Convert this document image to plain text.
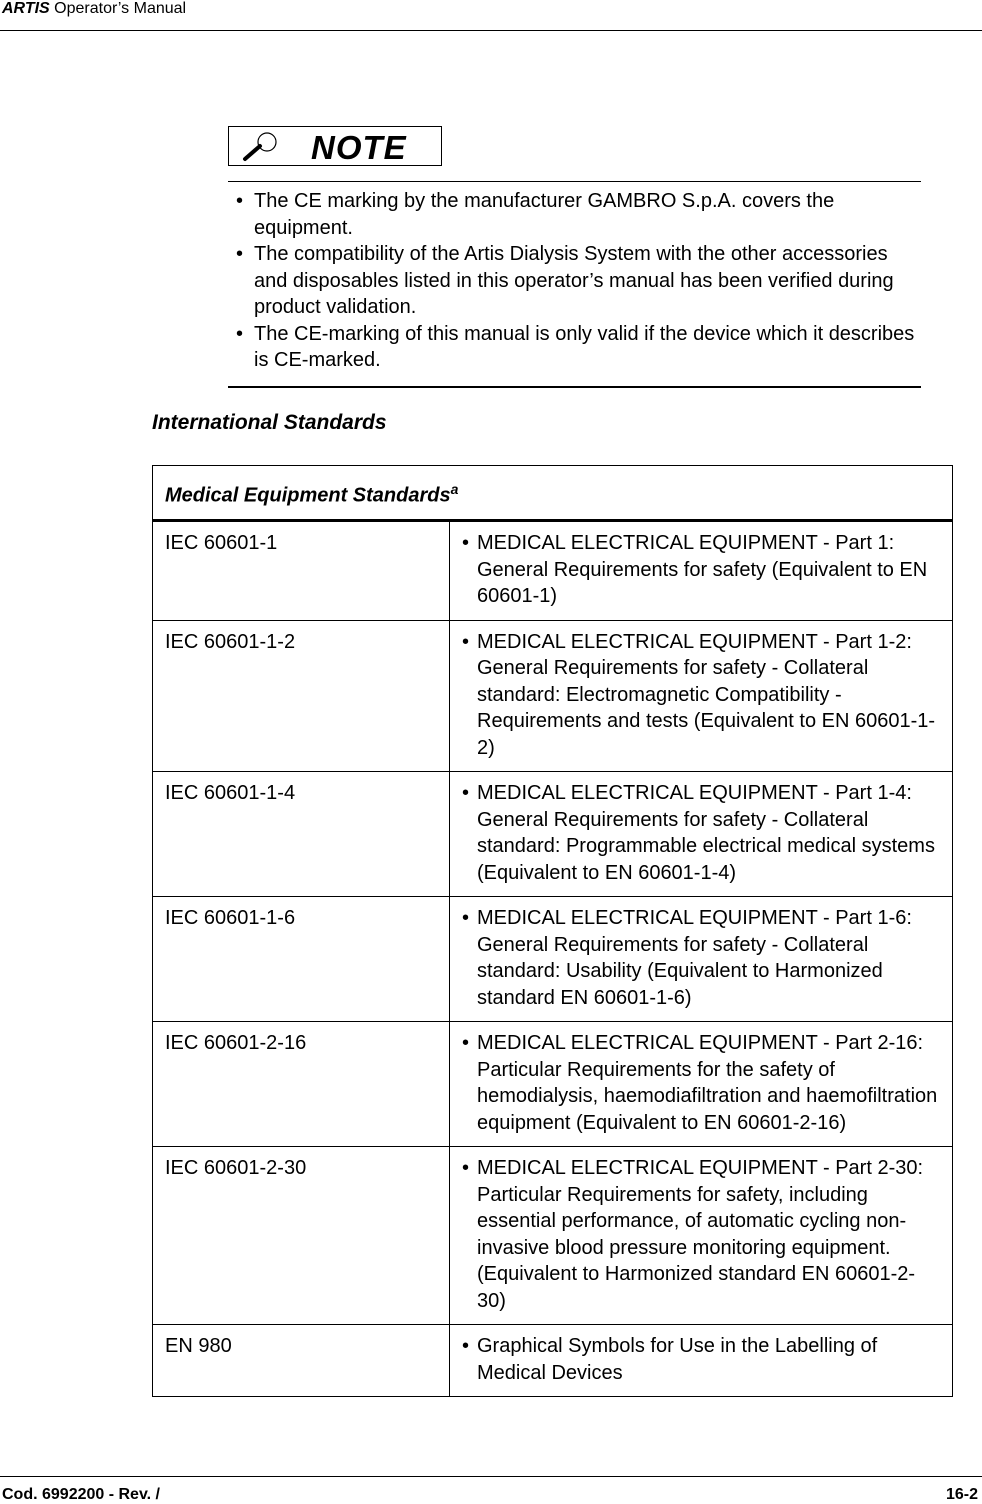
ARTIS Operator’s Manual
NOTE
• The CE marking by the manufacturer GAMBRO S.p.A. covers the equipment.
• The compatibility of the Artis Dialysis System with the other accessories and disposables listed in this operator’s manual has been verified during product validation.
• The CE-marking of this manual is only valid if the device which it describes is CE-marked.
International Standards
Medical Equipment Standards$^a$
IEC 60601-1	• MEDICAL ELECTRICAL EQUIPMENT - Part 1: General Requirements for safety (Equivalent to EN 60601-1)

IEC 60601-1-2	• MEDICAL ELECTRICAL EQUIPMENT - Part 1-2: General Requirements for safety - Collateral standard: Electromagnetic Compatibility - Requirements and tests (Equivalent to EN 60601-1-2)

IEC 60601-1-4	• MEDICAL ELECTRICAL EQUIPMENT - Part 1-4: General Requirements for safety - Collateral standard: Programmable electrical medical systems (Equivalent to EN 60601-1-4)

IEC 60601-1-6	• MEDICAL ELECTRICAL EQUIPMENT - Part 1-6: General Requirements for safety - Collateral standard: Usability (Equivalent to Harmonized standard EN 60601-1-6)

IEC 60601-2-16	• MEDICAL ELECTRICAL EQUIPMENT - Part 2-16: Particular Requirements for the safety of hemodialysis, haemodiafiltration and haemofiltration equipment (Equivalent to EN 60601-2-16)

IEC 60601-2-30	• MEDICAL ELECTRICAL EQUIPMENT - Part 2-30: Particular Requirements for safety, including essential performance, of automatic cycling non-invasive blood pressure monitoring equipment. (Equivalent to Harmonized standard EN 60601-2-30)

EN 980	• Graphical Symbols for Use in the Labelling of Medical Devices
Cod. 6992200 - Rev. /	16-2
